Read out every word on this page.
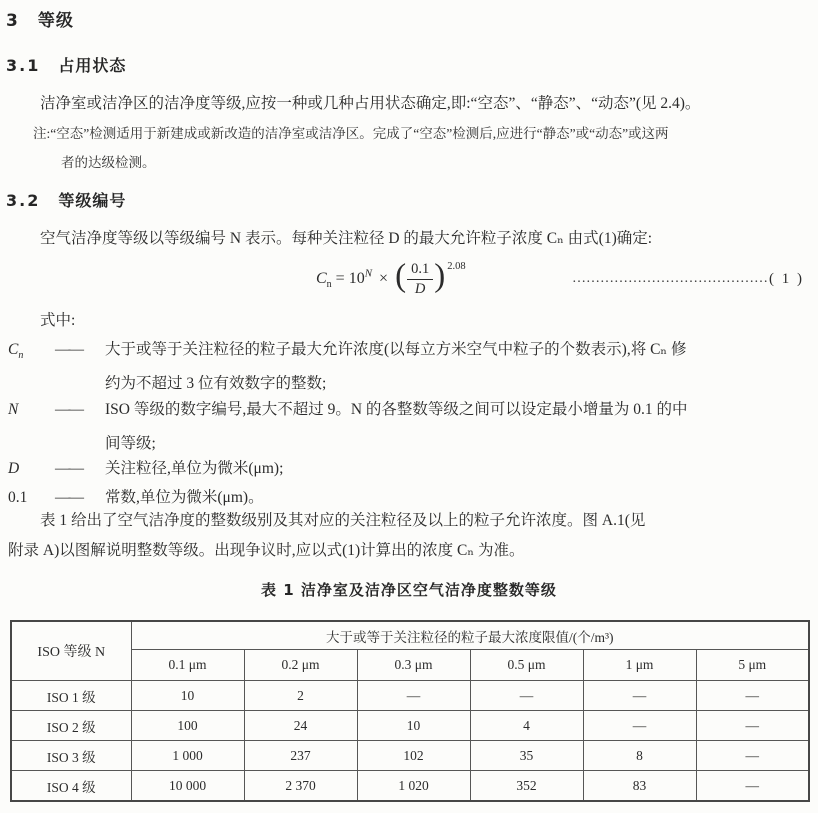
3 等级
3.1 占用状态
洁净室或洁净区的洁净度等级,应按一种或几种占用状态确定,即:“空态”、“静态”、“动态”(见 2.4)。
注:“空态”检测适用于新建成或新改造的洁净室或洁净区。完成了“空态”检测后,应进行“静态”或“动态”或这两
者的达级检测。
3.2 等级编号
空气洁净度等级以等级编号 N 表示。每种关注粒径 D 的最大允许粒子浓度 Cₙ 由式(1)确定:
$C_n = 10^N$ × ( $\frac{0.1}{D}$ ) $^{2.08}$
…………………………………… ( 1 )
式中:
$C_n$	——	大于或等于关注粒径的粒子最大允许浓度(以每立方米空气中粒子的个数表示),将 Cₙ 修
约为不超过 3 位有效数字的整数;
N	——	ISO 等级的数字编号,最大不超过 9。N 的各整数等级之间可以设定最小增量为 0.1 的中
间等级;
D	——	关注粒径,单位为微米(μm);
0.1	——	常数,单位为微米(μm)。
表 1 给出了空气洁净度的整数级别及其对应的关注粒径及以上的粒子允许浓度。图 A.1(见
附录 A)以图解说明整数等级。出现争议时,应以式(1)计算出的浓度 Cₙ 为准。
表 1 洁净室及洁净区空气洁净度整数等级
ISO 等级 N	大于或等于关注粒径的粒子最大浓度限值/(个/m³)					
	0.1 μm	0.2 μm	0.3 μm	0.5 μm	1 μm	5 μm
ISO 1 级	10	2	—	—	—	—
ISO 2 级	100	24	10	4	—	—
ISO 3 级	1 000	237	102	35	8	—
ISO 4 级	10 000	2 370	1 020	352	83	—
